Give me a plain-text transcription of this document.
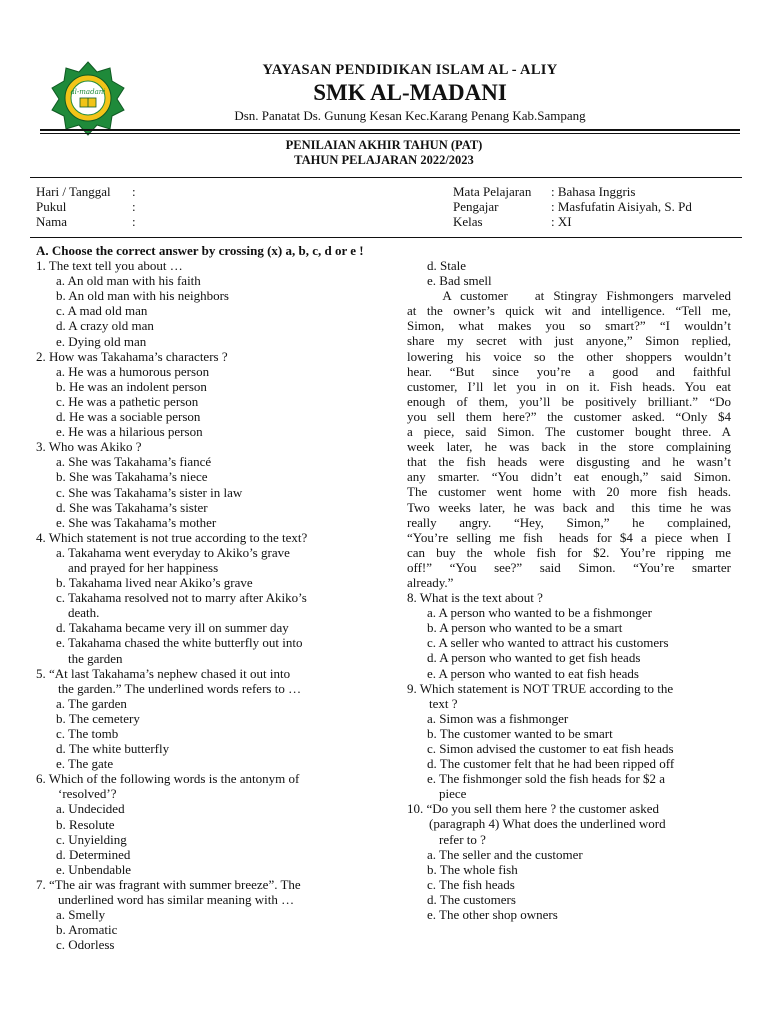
al-madani
YAYASAN PENDIDIKAN ISLAM AL - ALIY
SMK AL-MADANI
Dsn. Panatat Ds. Gunung Kesan Kec.Karang Penang Kab.Sampang
PENILAIAN AKHIR TAHUN (PAT)
TAHUN PELAJARAN 2022/2023
Hari / Tanggal :
Pukul	:
Nama	:
Mata Pelajaran : Bahasa Inggris
Pengajar	: Masfufatin Aisiyah, S. Pd
Kelas	: XI

A. Choose the correct answer by crossing (x) a, b, c, d or e !

1. The text tell you about …

a. An old man with his faith

b. An old man with his neighbors

c. A mad old man

d. A crazy old man

e. Dying old man

2. How was Takahama’s characters ?

a. He was a humorous person

b. He was an indolent person

c. He was a pathetic person

d. He was a sociable person

e. He was a hilarious person

3. Who was Akiko ?

a. She was Takahama’s fiancé

b. She was Takahama’s niece

c. She was Takahama’s sister in law

d. She was Takahama’s sister

e. She was Takahama’s mother

4. Which statement is not true according to the text?

a. Takahama went everyday to Akiko’s grave

and prayed for her happiness

b. Takahama lived near Akiko’s grave

c. Takahama resolved not to marry after Akiko’s

death.

d. Takahama became very ill on summer day

e. Takahama chased the white butterfly out into

the garden

5. “At last Takahama’s nephew chased it out into

the garden.” The underlined words refers to …

a. The garden

b. The cemetery

c. The tomb

d. The white butterfly

e. The gate

6. Which of the following words is the antonym of

‘resolved’?

a. Undecided

b. Resolute

c. Unyielding

d. Determined

e. Unbendable

7. “The air was fragrant with summer breeze”. The

underlined word has similar meaning with …

a. Smelly

b. Aromatic

c. Odorless

d. Stale

e. Bad smell

A customer   at Stingray Fishmongers marveled

at the owner’s quick wit and intelligence. “Tell me,

Simon, what makes you so smart?” “I wouldn’t

share my secret with just anyone,” Simon replied,

lowering his voice so the other shoppers wouldn’t

hear. “But since you’re a good and faithful

customer, I’ll let you in on it. Fish heads. You eat

enough of them, you’ll be positively brilliant.” “Do

you sell them here?” the customer asked. “Only $4

a piece, said Simon. The customer bought three. A

week later, he was back in the store complaining

that the fish heads were disgusting and he wasn’t

any smarter. “You didn’t eat enough,” said Simon.

The customer went home with 20 more fish heads.

Two weeks later, he was back and  this time he was

really angry. “Hey, Simon,” he complained,

“You’re selling me fish  heads for $4 a piece when I

can buy the whole fish for $2. You’re ripping me

off!” “You see?” said Simon. “You’re smarter

already.”

8. What is the text about ?

a. A person who wanted to be a fishmonger

b. A person who wanted to be a smart

c. A seller who wanted to attract his customers

d. A person who wanted to get fish heads

e. A person who wanted to eat fish heads

9. Which statement is NOT TRUE according to the

text ?

a. Simon was a fishmonger

b. The customer wanted to be smart

c. Simon advised the customer to eat fish heads

d. The customer felt that he had been ripped off

e. The fishmonger sold the fish heads for $2 a

piece

10. “Do you sell them here ? the customer asked

(paragraph 4) What does the underlined word

refer to ?

a. The seller and the customer

b. The whole fish

c. The fish heads

d. The customers

e. The other shop owners
